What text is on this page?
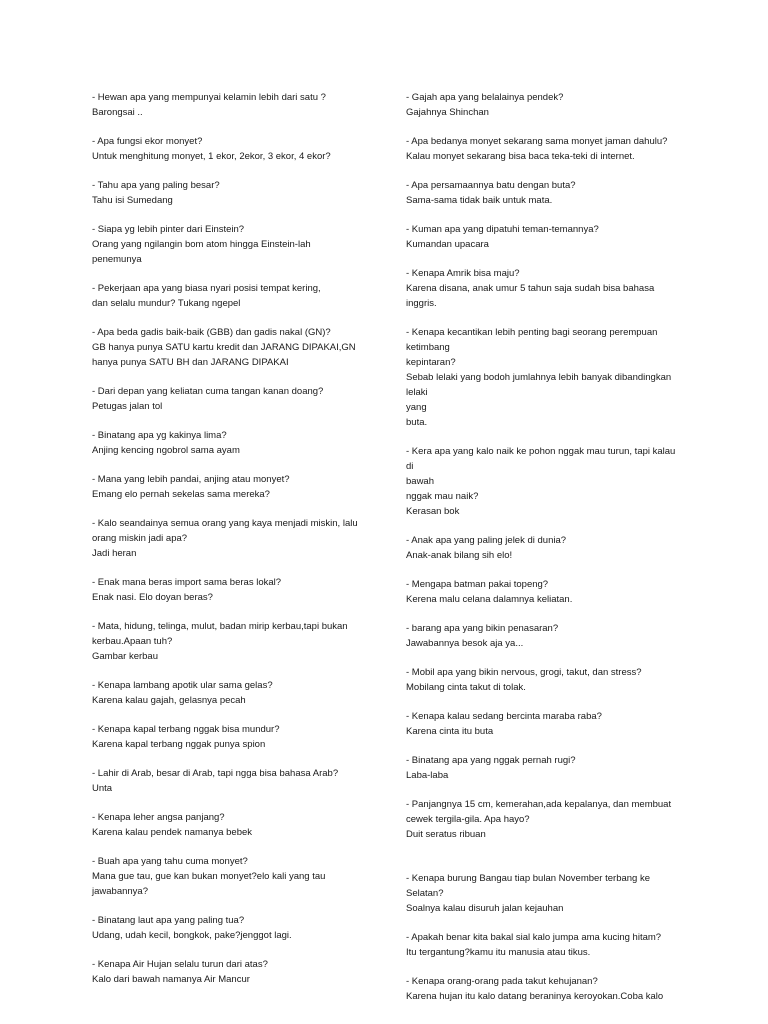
- Hewan apa yang mempunyai kelamin lebih dari satu ?
Barongsai ..
- Apa fungsi ekor monyet?
Untuk menghitung monyet, 1 ekor, 2ekor, 3 ekor, 4 ekor?
- Tahu apa yang paling besar?
Tahu isi Sumedang
- Siapa yg lebih pinter dari Einstein?
Orang yang ngilangin bom atom hingga Einstein-lah
penemunya
- Pekerjaan apa yang biasa nyari posisi tempat kering,
dan selalu mundur? Tukang ngepel
- Apa beda gadis baik-baik (GBB) dan gadis nakal (GN)?
GB hanya punya SATU kartu kredit dan JARANG DIPAKAI,GN
hanya punya SATU BH dan JARANG DIPAKAI
- Dari depan yang keliatan cuma tangan kanan doang?
Petugas jalan tol
- Binatang apa yg kakinya lima?
Anjing kencing ngobrol sama ayam
- Mana yang lebih pandai, anjing atau monyet?
Emang elo pernah sekelas sama mereka?
- Kalo seandainya semua orang yang kaya menjadi miskin, lalu
orang miskin jadi apa?
Jadi heran
- Enak mana beras import sama beras lokal?
Enak nasi. Elo doyan beras?
- Mata, hidung, telinga, mulut, badan mirip kerbau,tapi bukan
kerbau.Apaan tuh?
Gambar kerbau
- Kenapa lambang apotik ular sama gelas?
Karena kalau gajah, gelasnya pecah
- Kenapa kapal terbang nggak bisa mundur?
Karena kapal terbang nggak punya spion
- Lahir di Arab, besar di Arab, tapi ngga bisa bahasa Arab?
Unta
- Kenapa leher angsa panjang?
Karena kalau pendek namanya bebek
- Buah apa yang tahu cuma monyet?
Mana gue tau, gue kan bukan monyet?elo kali yang tau
jawabannya?
- Binatang laut apa yang paling tua?
Udang, udah kecil, bongkok, pake?jenggot lagi.
- Kenapa Air Hujan selalu turun dari atas?
Kalo dari bawah namanya Air Mancur
- Gajah apa yang belalainya pendek?
Gajahnya Shinchan
- Apa bedanya monyet sekarang sama monyet jaman dahulu?
Kalau monyet sekarang bisa baca teka-teki di internet.
- Apa persamaannya batu dengan buta?
Sama-sama tidak baik untuk mata.
- Kuman apa yang dipatuhi teman-temannya?
Kumandan upacara
- Kenapa Amrik bisa maju?
Karena disana, anak umur 5 tahun saja sudah bisa bahasa
inggris.
- Kenapa kecantikan lebih penting bagi seorang perempuan
ketimbang
kepintaran?
Sebab lelaki yang bodoh jumlahnya lebih banyak dibandingkan
lelaki
yang
buta.
- Kera apa yang kalo naik ke pohon nggak mau turun, tapi kalau
di
bawah
nggak mau naik?
Kerasan bok
- Anak apa yang paling jelek di dunia?
Anak-anak bilang sih elo!
- Mengapa batman pakai topeng?
Kerena malu celana dalamnya keliatan.
- barang apa yang bikin penasaran?
Jawabannya besok aja ya...
- Mobil apa yang bikin nervous, grogi, takut, dan stress?
Mobilang cinta takut di tolak.
- Kenapa kalau sedang bercinta maraba raba?
Karena cinta itu buta
- Binatang apa yang nggak pernah rugi?
Laba-laba
- Panjangnya 15 cm, kemerahan,ada kepalanya, dan membuat
cewek tergila-gila. Apa hayo?
Duit seratus ribuan
- Kenapa burung Bangau tiap bulan November terbang ke
Selatan?
Soalnya kalau disuruh jalan kejauhan
- Apakah benar kita bakal sial kalo jumpa ama kucing hitam?
Itu tergantung?kamu itu manusia atau tikus.
- Kenapa orang-orang pada takut kehujanan?
Karena hujan itu kalo datang beraninya keroyokan.Coba kalo
